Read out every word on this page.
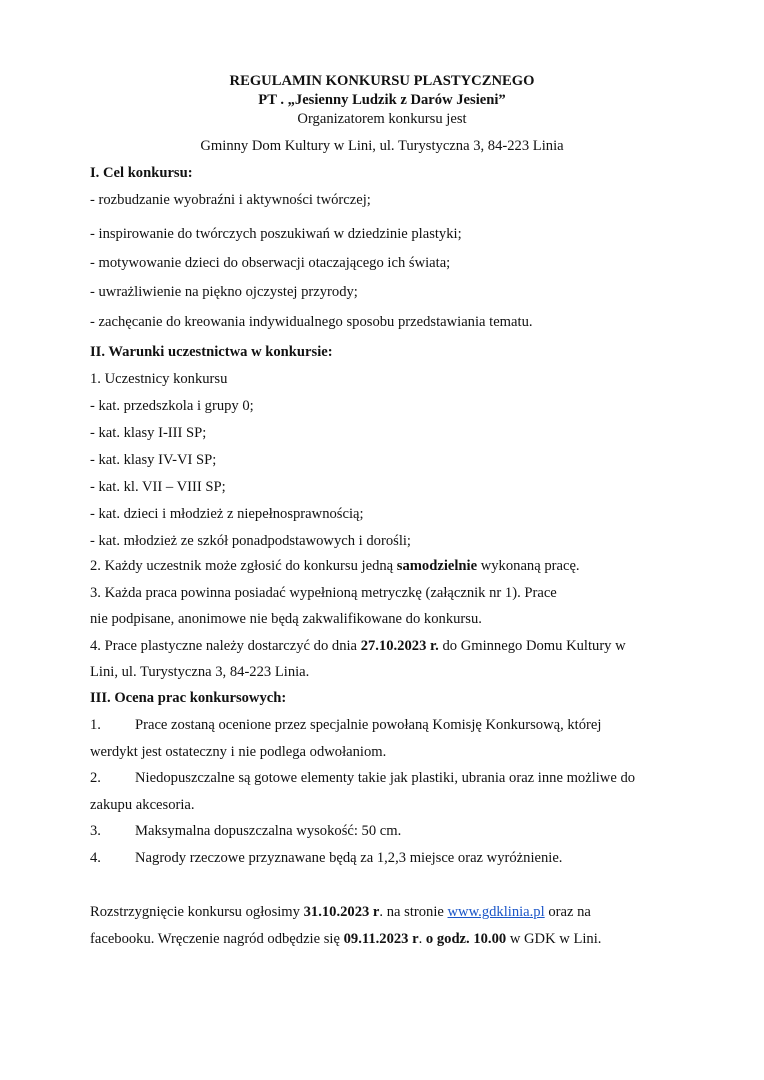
REGULAMIN KONKURSU PLASTYCZNEGO
PT . „Jesienny Ludzik z Darów Jesieni”
Organizatorem konkursu jest
Gminny Dom Kultury w Lini, ul. Turystyczna 3, 84-223 Linia
I. Cel konkursu:
- rozbudzanie wyobraźni i aktywności twórczej;
- inspirowanie do twórczych poszukiwań w dziedzinie plastyki;
- motywowanie dzieci do obserwacji otaczającego ich świata;
- uwrażliwienie na piękno ojczystej przyrody;
- zachęcanie do kreowania indywidualnego sposobu przedstawiania tematu.
II. Warunki uczestnictwa w konkursie:
1. Uczestnicy konkursu
- kat. przedszkola i grupy 0;
- kat. klasy I-III SP;
- kat. klasy IV-VI SP;
- kat. kl. VII – VIII SP;
- kat. dzieci i młodzież z niepełnosprawnością;
- kat. młodzież ze szkół ponadpodstawowych i dorośli;
2. Każdy uczestnik może zgłosić do konkursu jedną samodzielnie wykonaną pracę.
3. Każda praca powinna posiadać wypełnioną metryczkę (załącznik nr 1). Prace
nie podpisane, anonimowe nie będą zakwalifikowane do konkursu.
4. Prace plastyczne należy dostarczyć do dnia 27.10.2023 r. do Gminnego Domu Kultury w
Lini, ul. Turystyczna 3, 84-223 Linia.
III. Ocena prac konkursowych:
1. Prace zostaną ocenione przez specjalnie powołaną Komisję Konkursową, której
werdykt jest ostateczny i nie podlega odwołaniom.
2. Niedopuszczalne są gotowe elementy takie jak plastiki, ubrania oraz inne możliwe do
zakupu akcesoria.
3. Maksymalna dopuszczalna wysokość: 50 cm.
4. Nagrody rzeczowe przyznawane będą za 1,2,3 miejsce oraz wyróżnienie.
Rozstrzygnięcie konkursu ogłosimy 31.10.2023 r. na stronie www.gdklinia.pl oraz na
facebooku. Wręczenie nagród odbędzie się 09.11.2023 r. o godz. 10.00 w GDK w Lini.
